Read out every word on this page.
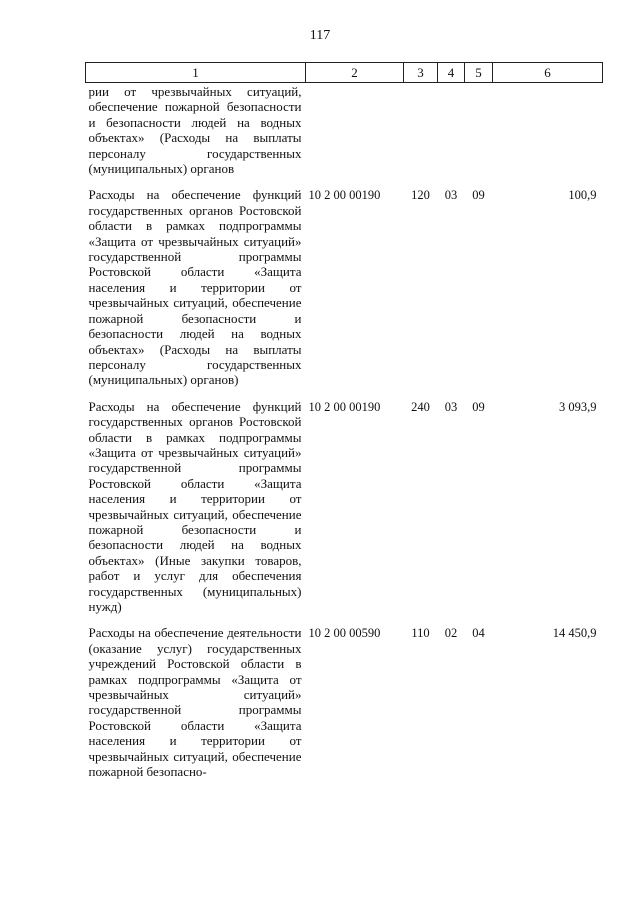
117
1	2	3	4	5	6
рии от чрезвычайных ситуаций, обеспечение пожарной безопасности и безопасности людей на водных объектах» (Расходы на выплаты персоналу государственных (муниципальных) органов					
Расходы на обеспечение функций государственных органов Ростовской области в рамках подпрограммы «Защита от чрезвычайных ситуаций» государственной программы Ростовской области «Защита населения и территории от чрезвычайных ситуаций, обеспечение пожарной безопасности и безопасности людей на водных объектах» (Расходы на выплаты персоналу государственных (муниципальных) органов)	10 2 00 00190	120	03	09	100,9
Расходы на обеспечение функций государственных органов Ростовской области в рамках подпрограммы «Защита от чрезвычайных ситуаций» государственной программы Ростовской области «Защита населения и территории от чрезвычайных ситуаций, обеспечение пожарной безопасности и безопасности людей на водных объектах» (Иные закупки товаров, работ и услуг для обеспечения государственных (муниципальных) нужд)	10 2 00 00190	240	03	09	3 093,9
Расходы на обеспечение деятельности (оказание услуг) государственных учреждений Ростовской области в рамках подпрограммы «Защита от чрезвычайных ситуаций» государственной программы Ростовской области «Защита населения и территории от чрезвычайных ситуаций, обеспечение пожарной безопасно-	10 2 00 00590	110	02	04	14 450,9
